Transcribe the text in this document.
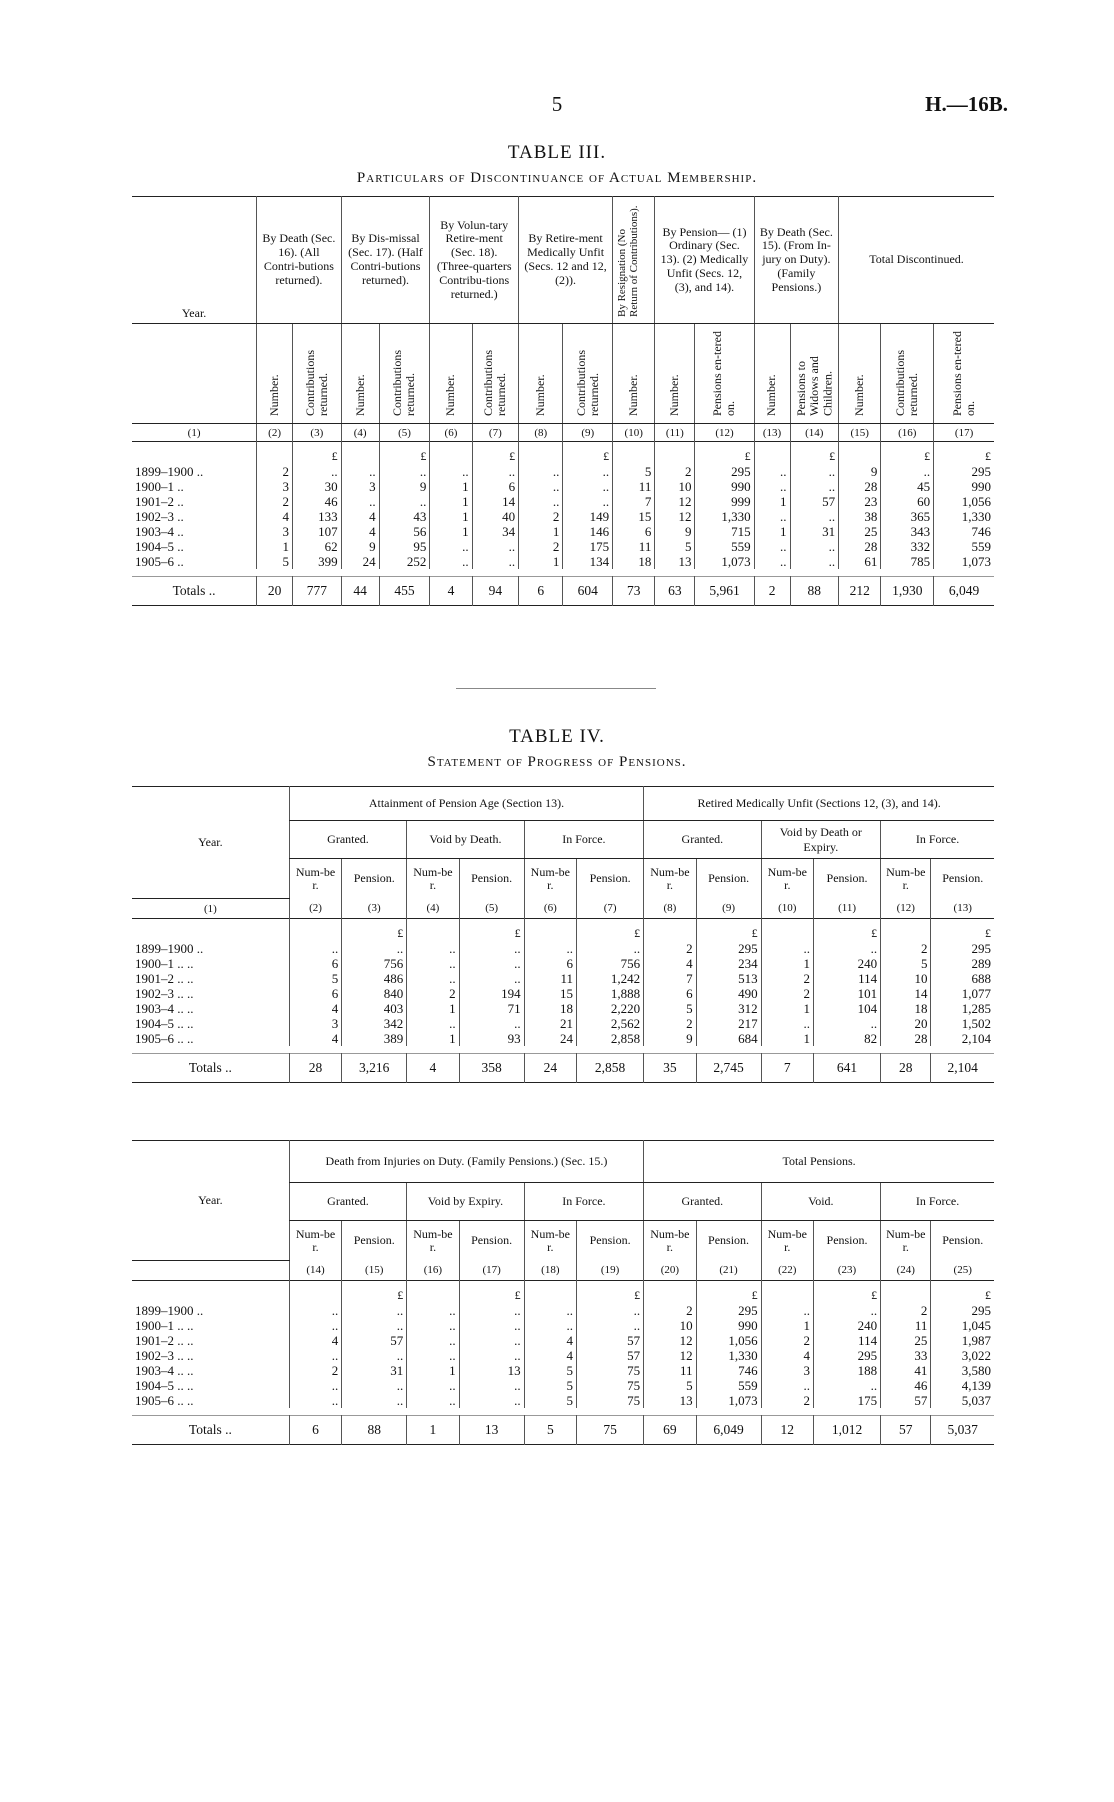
5	H.—16B.
TABLE III.
Particulars of Discontinuance of Actual Membership.
Year.	By Death (Sec. 16). (All Contri-butions returned).		By Dis-missal (Sec. 17). (Half Contri-butions returned).		By Volun-tary Retire-ment (Sec. 18). (Three-quarters Contribu-tions returned.)		By Retire-ment Medically Unfit (Secs. 12 and 12, (2)).		By Resignation (No Return of Contributions).	By Pension— (1) Ordinary (Sec. 13). (2) Medically Unfit (Secs. 12, (3), and 14).		By Death (Sec. 15). (From In-jury on Duty). (Family Pensions.)		Total Discontinued.		
	Number.	Contributions returned.	Number.	Contributions returned.	Number.	Contributions returned.	Number.	Contributions returned.	Number.	Number.	Pensions en-tered on.	Number.	Pensions to Widows and Children.	Number.	Contributions returned.	Pensions en-tered on.
(1)	(2)	(3)	(4)	(5)	(6)	(7)	(8)	(9)	(10)	(11)	(12)	(13)	(14)	(15)	(16)	(17)
		£		£		£		£			£		£		£	£
1899–1900 ..	2	..	..	..	..	..	..	..	5	2	295	..	..	9	..	295
1900–1 ..	3	30	3	9	1	6	..	..	11	10	990	..	..	28	45	990
1901–2 ..	2	46	..	..	1	14	..	..	7	12	999	1	57	23	60	1,056
1902–3 ..	4	133	4	43	1	40	2	149	15	12	1,330	..	..	38	365	1,330
1903–4 ..	3	107	4	56	1	34	1	146	6	9	715	1	31	25	343	746
1904–5 ..	1	62	9	95	..	..	2	175	11	5	559	..	..	28	332	559
1905–6 ..	5	399	24	252	..	..	1	134	18	13	1,073	..	..	61	785	1,073

Totals ..	20	777	44	455	4	94	6	604	73	63	5,961	2	88	212	1,930	6,049
TABLE IV.
Statement of Progress of Pensions.
Year.	Attainment of Pension Age (Section 13).						Retired Medically Unfit (Sections 12, (3), and 14).					
	Granted.		Void by Death.		In Force.		Granted.		Void by Death or Expiry.		In Force.	
	Num-ber.	Pension.	Num-ber.	Pension.	Num-ber.	Pension.	Num-ber.	Pension.	Num-ber.	Pension.	Num-ber.	Pension.
(1)	(2)	(3)	(4)	(5)	(6)	(7)	(8)	(9)	(10)	(11)	(12)	(13)
		£		£		£		£		£		£
1899–1900 ..	..	..	..	..	..	..	2	295	..	..	2	295
1900–1 .. ..	6	756	..	..	6	756	4	234	1	240	5	289
1901–2 .. ..	5	486	..	..	11	1,242	7	513	2	114	10	688
1902–3 .. ..	6	840	2	194	15	1,888	6	490	2	101	14	1,077
1903–4 .. ..	4	403	1	71	18	2,220	5	312	1	104	18	1,285
1904–5 .. ..	3	342	..	..	21	2,562	2	217	..	..	20	1,502
1905–6 .. ..	4	389	1	93	24	2,858	9	684	1	82	28	2,104

Totals ..	28	3,216	4	358	24	2,858	35	2,745	7	641	28	2,104
Year.	Death from Injuries on Duty. (Family Pensions.) (Sec. 15.)						Total Pensions.					
	Granted.		Void by Expiry.		In Force.		Granted.		Void.		In Force.	
	Num-ber.	Pension.	Num-ber.	Pension.	Num-ber.	Pension.	Num-ber.	Pension.	Num-ber.	Pension.	Num-ber.	Pension.
	(14)	(15)	(16)	(17)	(18)	(19)	(20)	(21)	(22)	(23)	(24)	(25)
		£		£		£		£		£		£
1899–1900 ..	..	..	..	..	..	..	2	295	..	..	2	295
1900–1 .. ..	..	..	..	..	..	..	10	990	1	240	11	1,045
1901–2 .. ..	4	57	..	..	4	57	12	1,056	2	114	25	1,987
1902–3 .. ..	..	..	..	..	4	57	12	1,330	4	295	33	3,022
1903–4 .. ..	2	31	1	13	5	75	11	746	3	188	41	3,580
1904–5 .. ..	..	..	..	..	5	75	5	559	..	..	46	4,139
1905–6 .. ..	..	..	..	..	5	75	13	1,073	2	175	57	5,037

Totals ..	6	88	1	13	5	75	69	6,049	12	1,012	57	5,037
